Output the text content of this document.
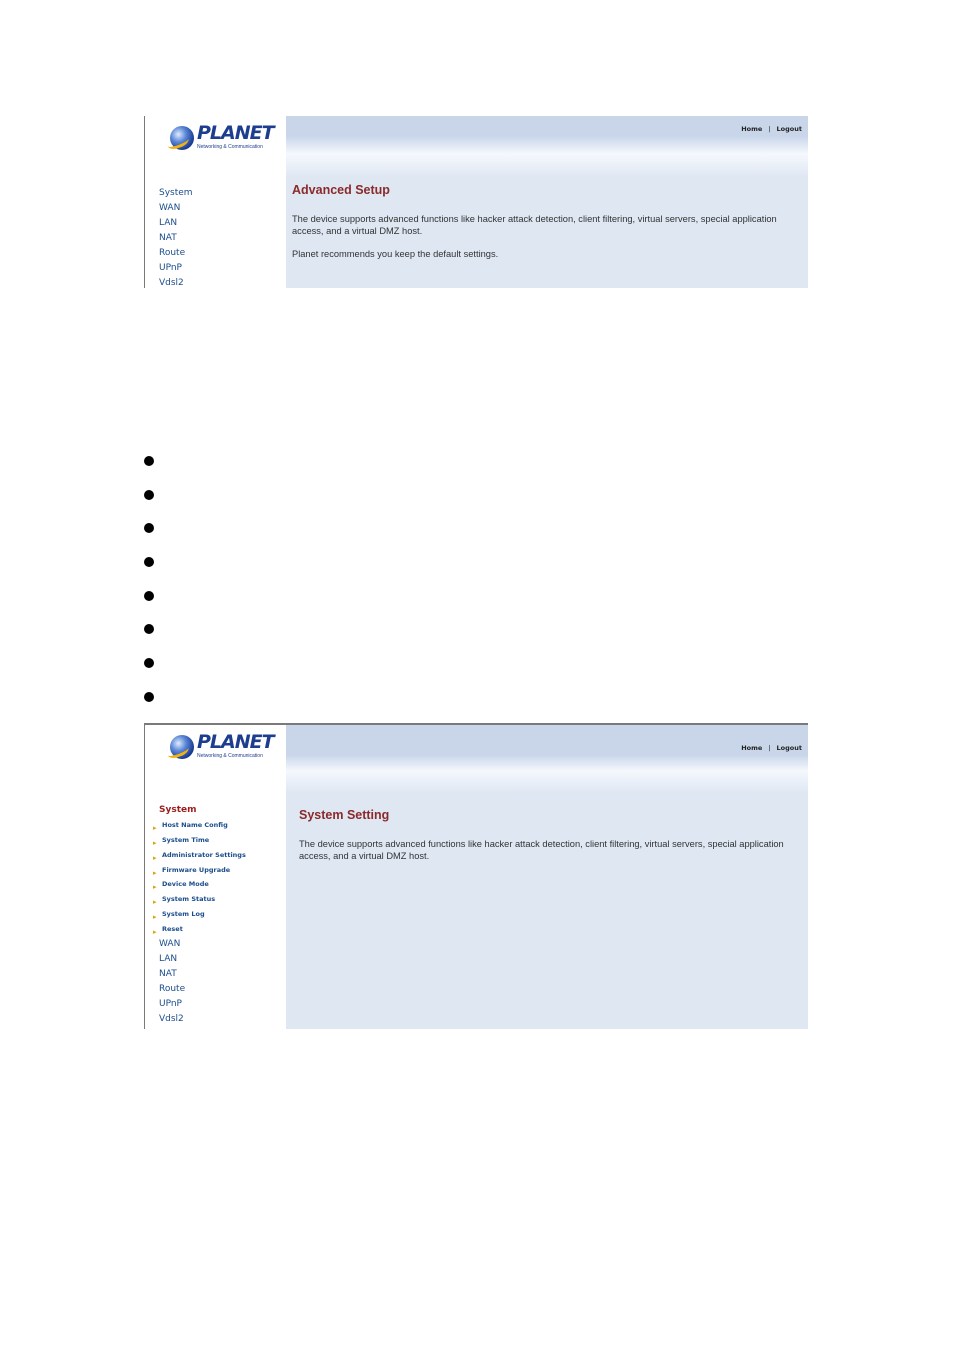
PLANET
Networking & Communication
System
WAN
LAN
NAT
Route
UPnP
Vdsl2
Home | Logout
Advanced Setup
The device supports advanced functions like hacker attack detection, client filtering, virtual servers, special application access, and a virtual DMZ host.
Planet recommends you keep the default settings.
PLANET
Networking & Communication
System
▸ Host Name Config
▸ System Time
▸ Administrator Settings
▸ Firmware Upgrade
▸ Device Mode
▸ System Status
▸ System Log
▸ Reset
WAN
LAN
NAT
Route
UPnP
Vdsl2
Home | Logout
System Setting
The device supports advanced functions like hacker attack detection, client filtering, virtual servers, special application access, and a virtual DMZ host.
